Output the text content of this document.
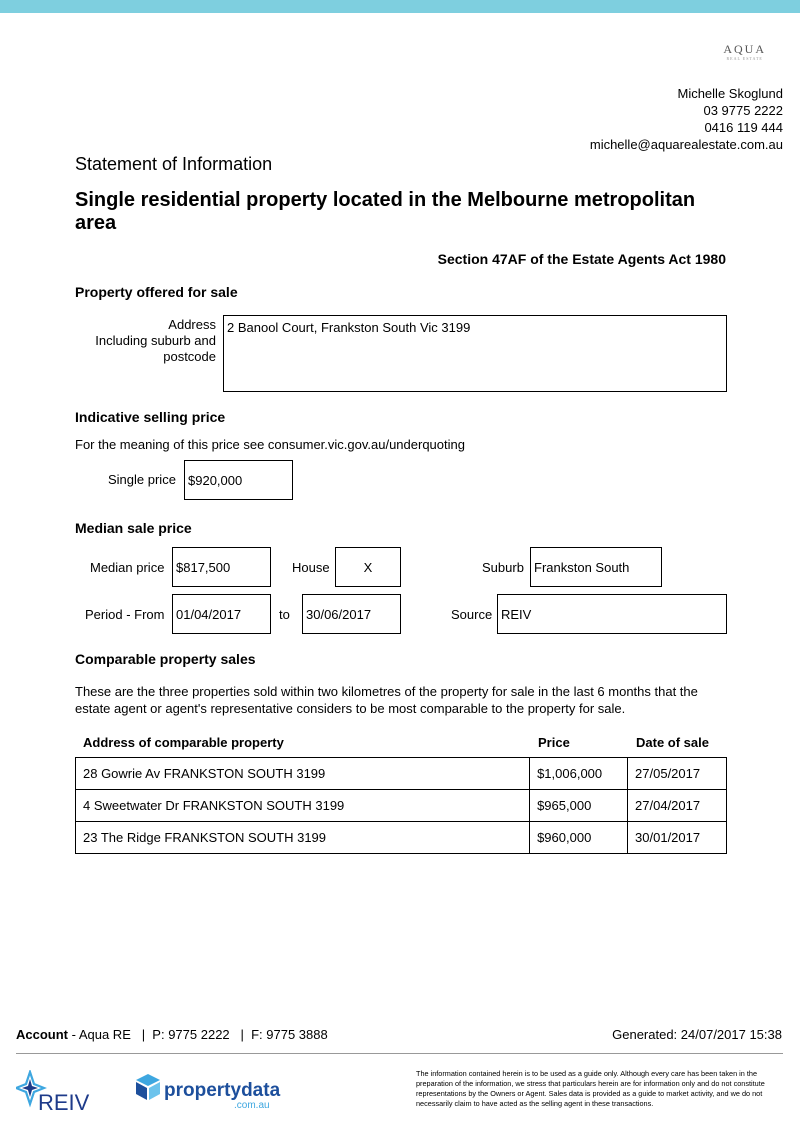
AQUA
REAL ESTATE
Michelle Skoglund
03 9775 2222
0416 119 444
michelle@aquarealestate.com.au
Statement of Information
Single residential property located in the Melbourne metropolitan area
Section 47AF of the Estate Agents Act 1980
Property offered for sale
Address
Including suburb and
postcode
2 Banool Court, Frankston South Vic 3199
Indicative selling price
For the meaning of this price see consumer.vic.gov.au/underquoting
Single price $920,000
Median sale price
Median price $817,500	House	X	Suburb Frankston South
Period - From 01/04/2017	to	30/06/2017	Source REIV
Comparable property sales
These are the three properties sold within two kilometres of the property for sale in the last 6 months that the estate agent or agent's representative considers to be most comparable to the property for sale.
Address of comparable property	Price	Date of sale
28 Gowrie Av FRANKSTON SOUTH 3199	$1,006,000	27/05/2017
4 Sweetwater Dr FRANKSTON SOUTH 3199	$965,000	27/04/2017
23 The Ridge FRANKSTON SOUTH 3199	$960,000	30/01/2017
Account - Aqua RE   |  P: 9775 2222   |  F: 9775 3888	Generated: 24/07/2017 15:38
REIV	propertydata
.com.au
The information contained herein is to be used as a guide only. Although every care has been taken in the preparation of the information, we stress that particulars herein are for information only and do not constitute representations by the Owners or Agent. Sales data is provided as a guide to market activity, and we do not necessarily claim to have acted as the selling agent in these transactions.
